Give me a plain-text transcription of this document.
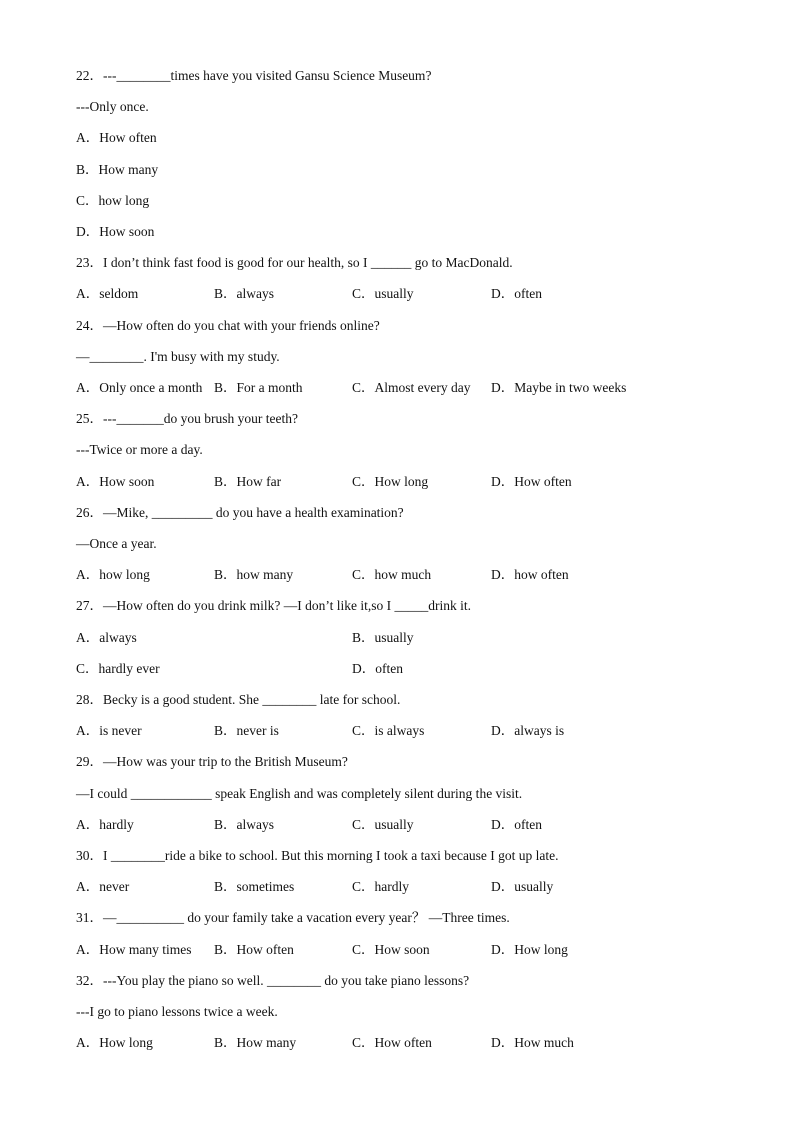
22．---________times have you visited Gansu Science Museum?
---Only once.
A．How often
B．How many
C．how long
D．How soon
23．I don’t think fast food is good for our health, so I ______ go to MacDonald.
A．seldom	B．always	C．usually	D．often
24．—How often do you chat with your friends online?
—________. I'm busy with my study.
A．Only once a month B．For a month	C．Almost every day D．Maybe in two weeks
25．---_______do you brush your teeth?
---Twice or more a day.
A．How soon	B．How far	C．How long	D．How often
26．—Mike, _________ do you have a health examination?
—Once a year.
A．how long	B．how many	C．how much	D．how often
27．—How often do you drink milk? —I don’t like it,so I _____drink it.
A．always	B．usually
C．hardly ever	D．often
28．Becky is a good student. She ________ late for school.
A．is never	B．never is	C．is always	D．always is
29．—How was your trip to the British Museum?
—I could ____________ speak English and was completely silent during the visit.
A．hardly	B．always	C．usually	D．often
30．I ________ride a bike to school. But this morning I took a taxi because I got up late.
A．never	B．sometimes	C．hardly	D．usually
31．—__________ do your family take a vacation every year？ —Three times.
A．How many times B．How often	C．How soon	D．How long
32．---You play the piano so well. ________ do you take piano lessons?
---I go to piano lessons twice a week.
A．How long	B．How many	C．How often	D．How much
